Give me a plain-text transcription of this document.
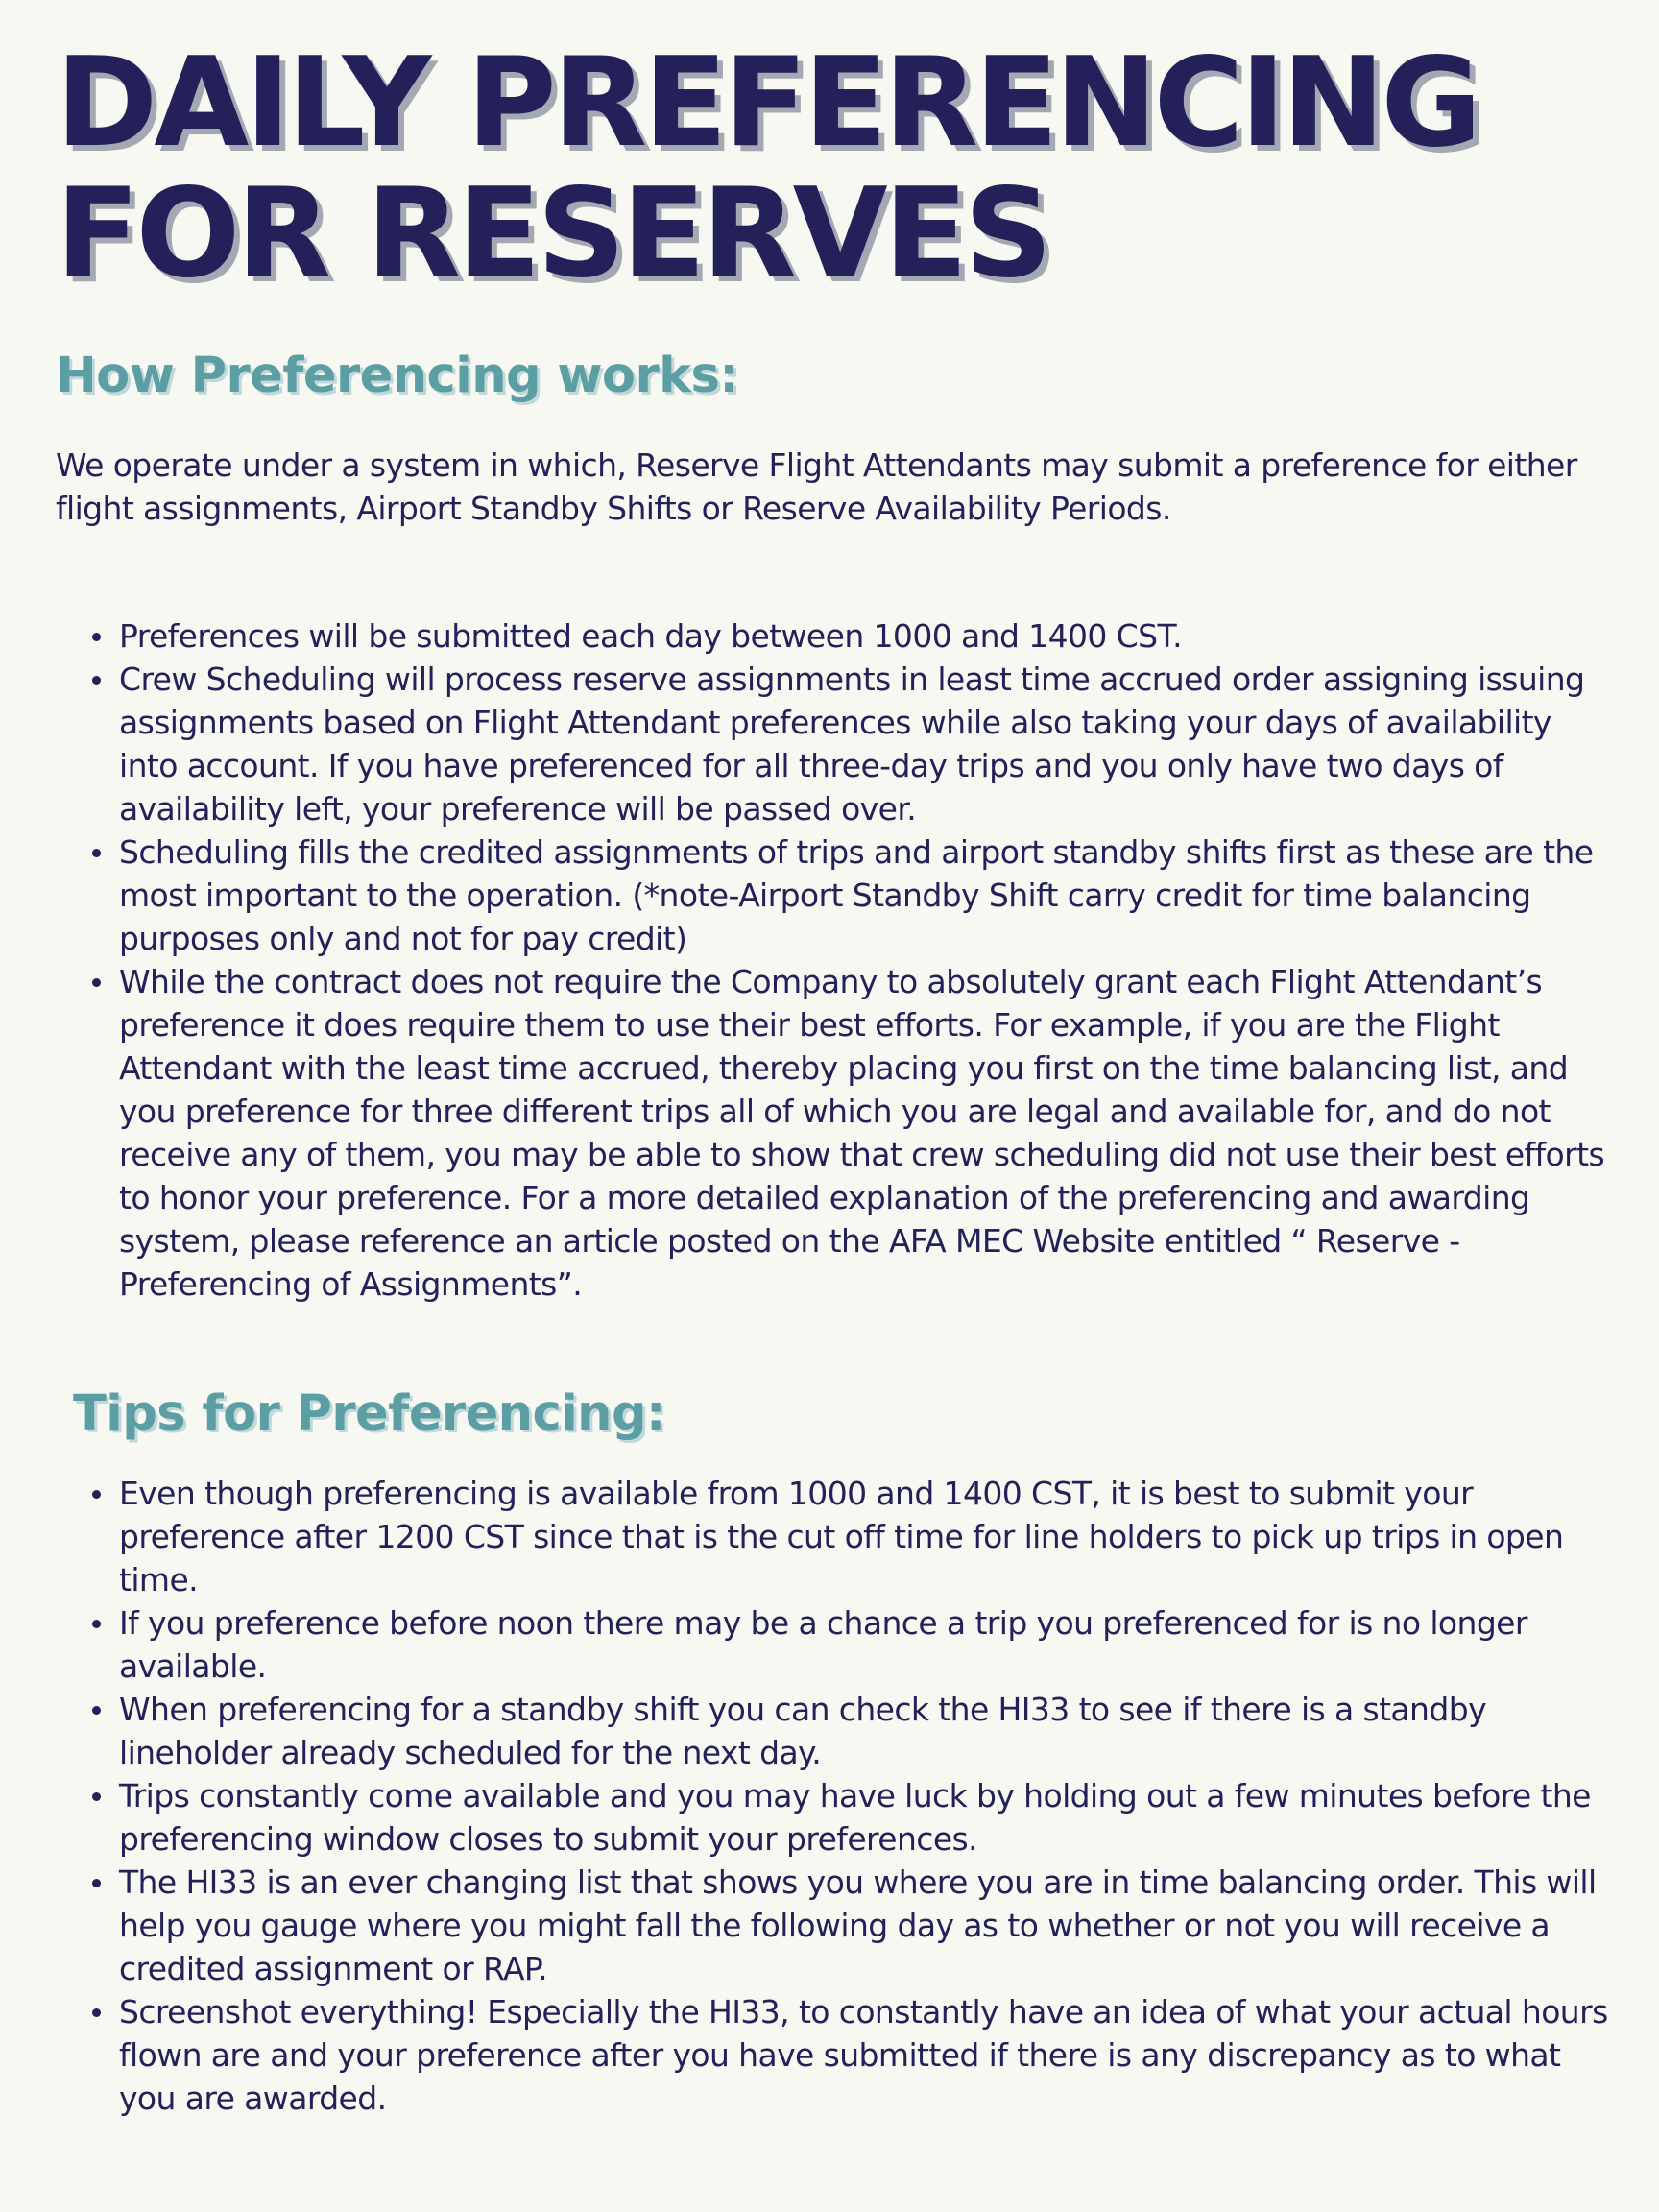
DAILY PREFERENCING
FOR RESERVES
How Preferencing works:

We operate under a system in which, Reserve Flight Attendants may submit a preference for either flight assignments, Airport Standby Shifts or Reserve Availability Periods.

Preferences will be submitted each day between 1000 and 1400 CST.
Crew Scheduling will process reserve assignments in least time accrued order assigning issuing assignments based on Flight Attendant preferences while also taking your days of availability into account. If you have preferenced for all three-day trips and you only have two days of availability left, your preference will be passed over.
Scheduling fills the credited assignments of trips and airport standby shifts first as these are the most important to the operation. (*note-Airport Standby Shift carry credit for time balancing purposes only and not for pay credit)
While the contract does not require the Company to absolutely grant each Flight Attendant’s preference it does require them to use their best efforts. For example, if you are the Flight Attendant with the least time accrued, thereby placing you first on the time balancing list, and you preference for three different trips all of which you are legal and available for, and do not receive any of them, you may be able to show that crew scheduling did not use their best efforts to honor your preference. For a more detailed explanation of the preferencing and awarding system, please reference an article posted on the AFA MEC Website entitled “ Reserve -Preferencing of Assignments”.
Tips for Preferencing:
Even though preferencing is available from 1000 and 1400 CST, it is best to submit your preference after 1200 CST since that is the cut off time for line holders to pick up trips in open time.
If you preference before noon there may be a chance a trip you preferenced for is no longer available.
When preferencing for a standby shift you can check the HI33 to see if there is a standby lineholder already scheduled for the next day.
Trips constantly come available and you may have luck by holding out a few minutes before the preferencing window closes to submit your preferences.
The HI33 is an ever changing list that shows you where you are in time balancing order. This will help you gauge where you might fall the following day as to whether or not you will receive a credited assignment or RAP.
Screenshot everything! Especially the HI33, to constantly have an idea of what your actual hours flown are and your preference after you have submitted if there is any discrepancy as to what you are awarded.
